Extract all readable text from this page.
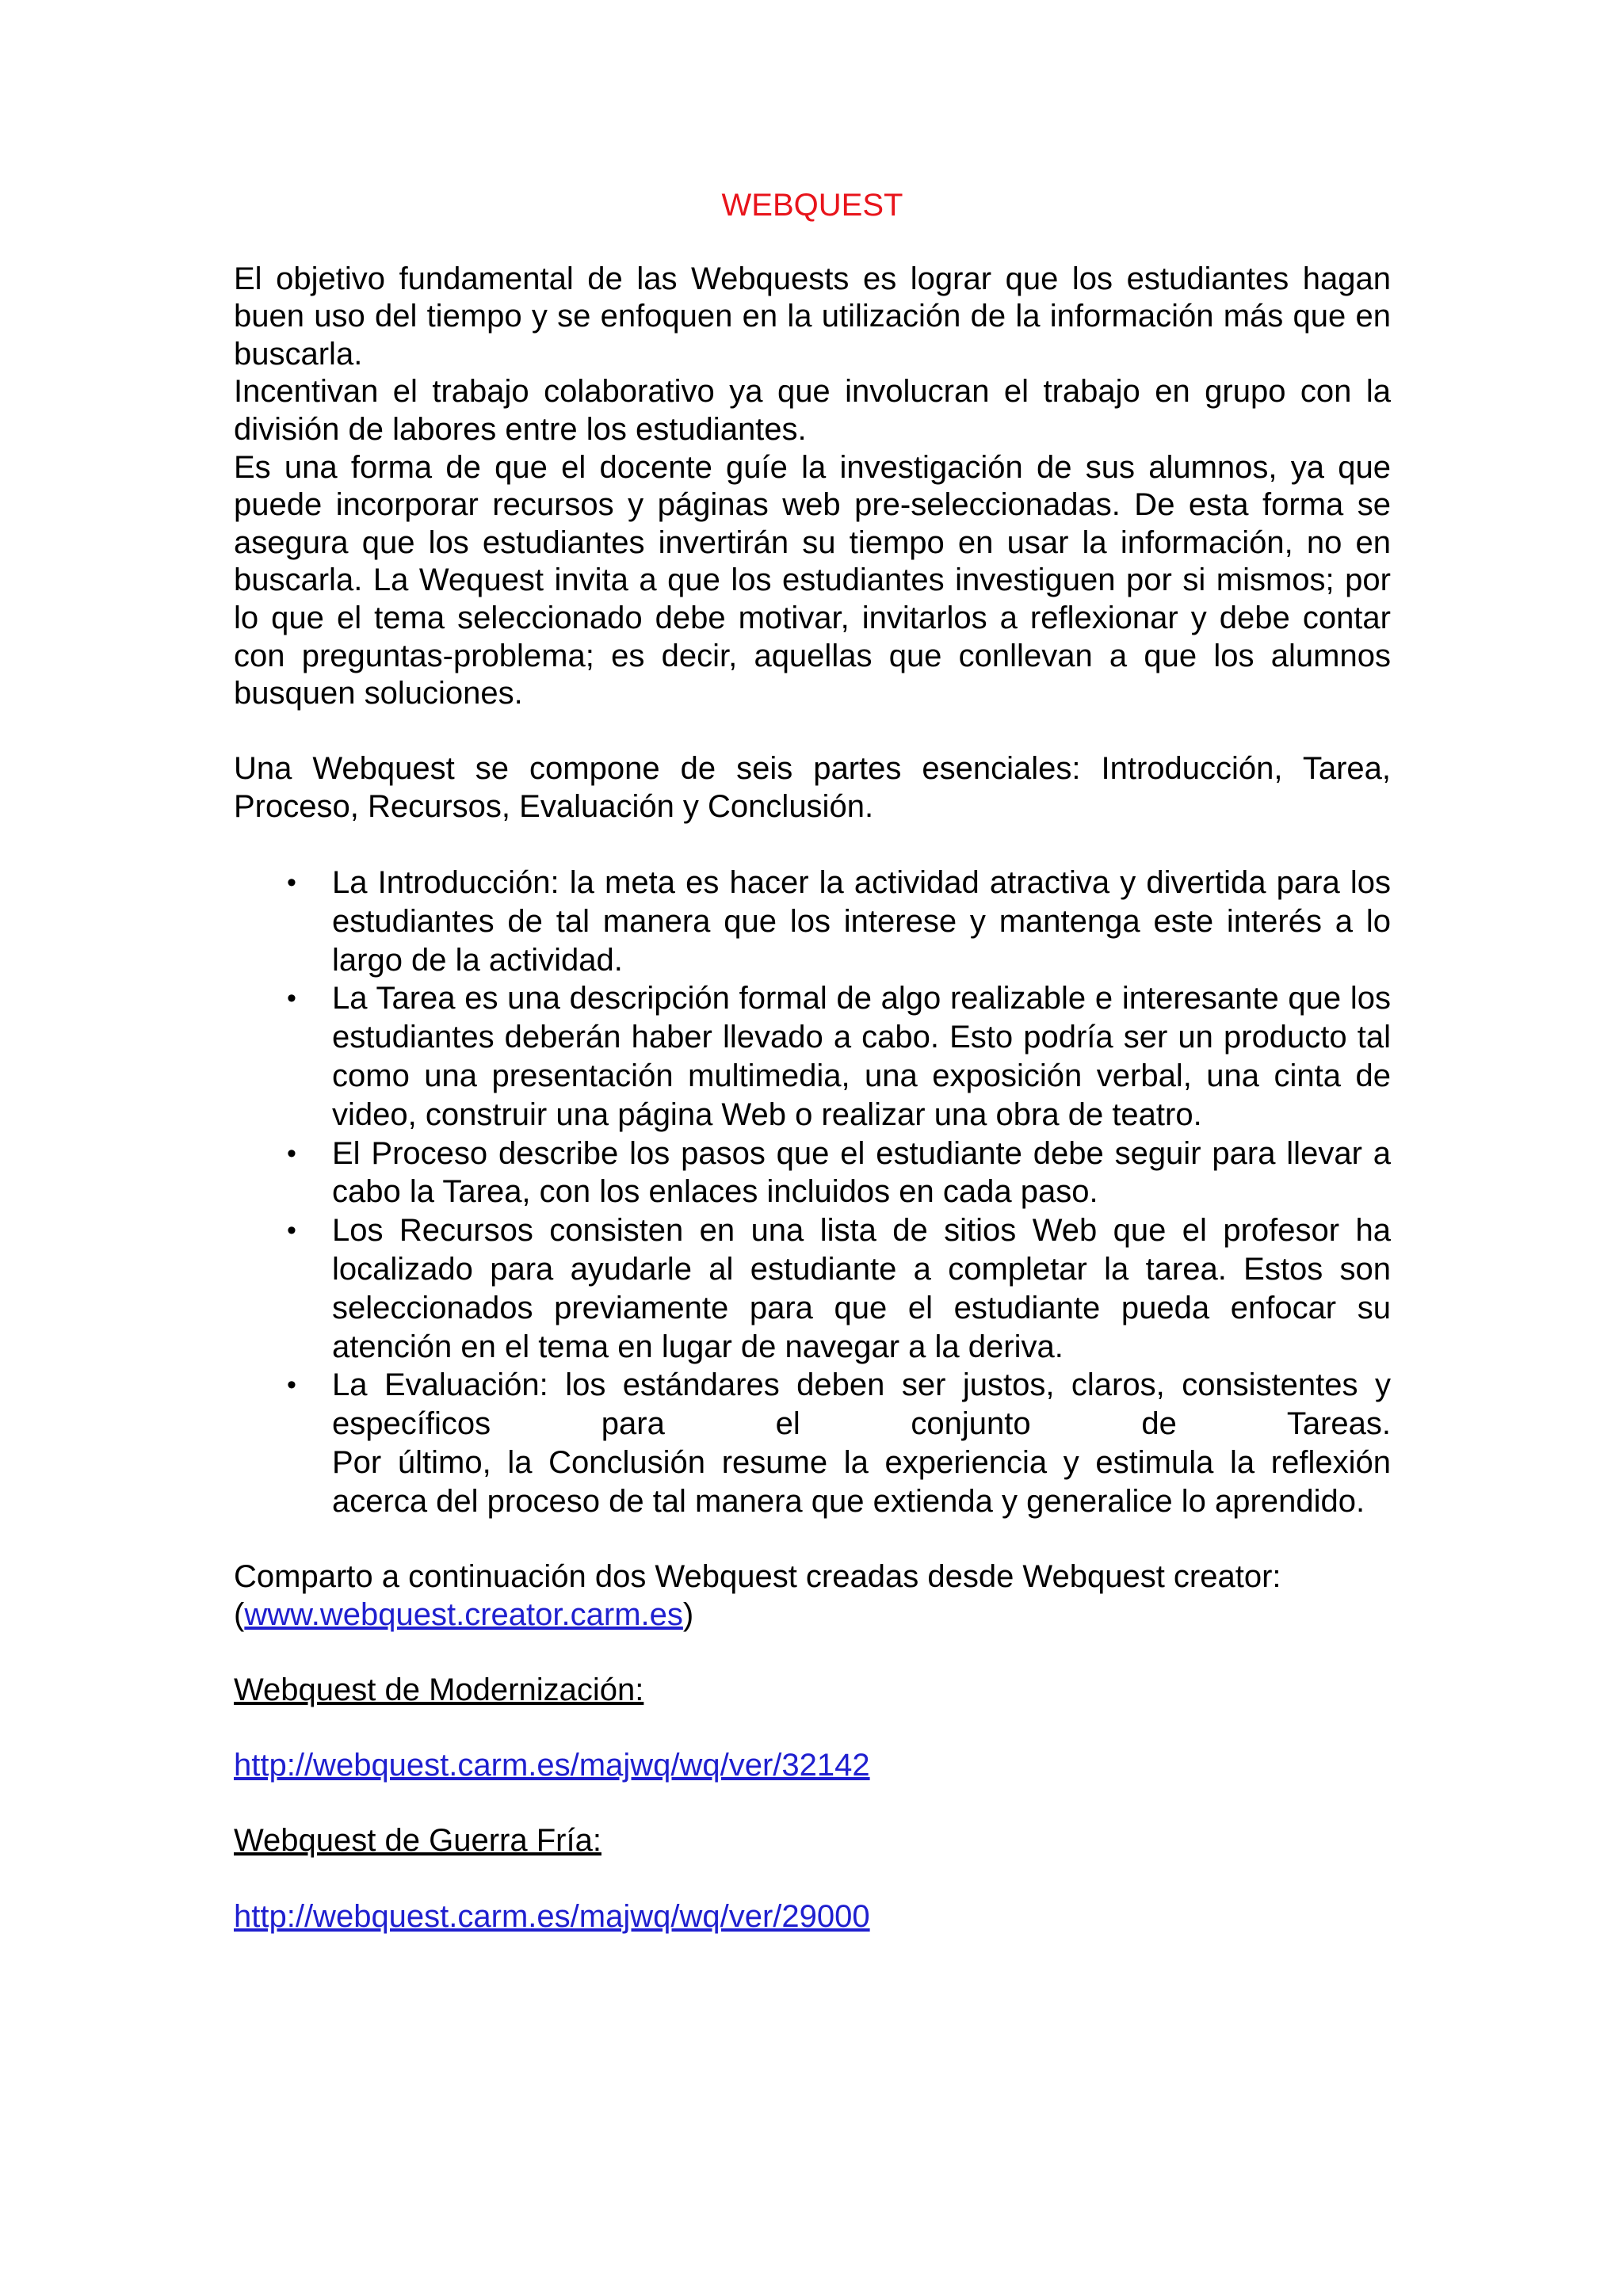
WEBQUEST

El objetivo fundamental de las Webquests es lograr que los estudiantes hagan buen uso del tiempo y se enfoquen en la utilización de la información más que en buscarla.

Incentivan el trabajo colaborativo ya que involucran el trabajo en grupo con la división de labores entre los estudiantes.

Es una forma de que el docente guíe la investigación de sus alumnos, ya que puede incorporar recursos y páginas web pre-seleccionadas. De esta forma se asegura que los estudiantes invertirán su tiempo en usar la información, no en buscarla. La Wequest invita a que los estudiantes investiguen por si mismos; por lo que el tema seleccionado debe motivar, invitarlos a reflexionar y debe contar con preguntas-problema; es decir, aquellas que conllevan a que los alumnos busquen soluciones.

Una Webquest se compone de seis partes esenciales: Introducción, Tarea, Proceso, Recursos, Evaluación y Conclusión.

• La Introducción: la meta es hacer la actividad atractiva y divertida para los estudiantes de tal manera que los interese y mantenga este interés a lo largo de la actividad.
• La Tarea es una descripción formal de algo realizable e interesante que los estudiantes deberán haber llevado a cabo. Esto podría ser un producto tal como una presentación multimedia, una exposición verbal, una cinta de video, construir una página Web o realizar una obra de teatro.
• El Proceso describe los pasos que el estudiante debe seguir para llevar a cabo la Tarea, con los enlaces incluidos en cada paso.
• Los Recursos consisten en una lista de sitios Web que el profesor ha localizado para ayudarle al estudiante a completar la tarea. Estos son seleccionados previamente para que el estudiante pueda enfocar su atención en el tema en lugar de navegar a la deriva.
• La Evaluación: los estándares deben ser justos, claros, consistentes y específicos para el conjunto de Tareas.
Por último, la Conclusión resume la experiencia y estimula la reflexión acerca del proceso de tal manera que extienda y generalice lo aprendido.

Comparto a continuación dos Webquest creadas desde Webquest creator:
(www.webquest.creator.carm.es)

Webquest de Modernización:

http://webquest.carm.es/majwq/wq/ver/32142

Webquest de Guerra Fría:

http://webquest.carm.es/majwq/wq/ver/29000
